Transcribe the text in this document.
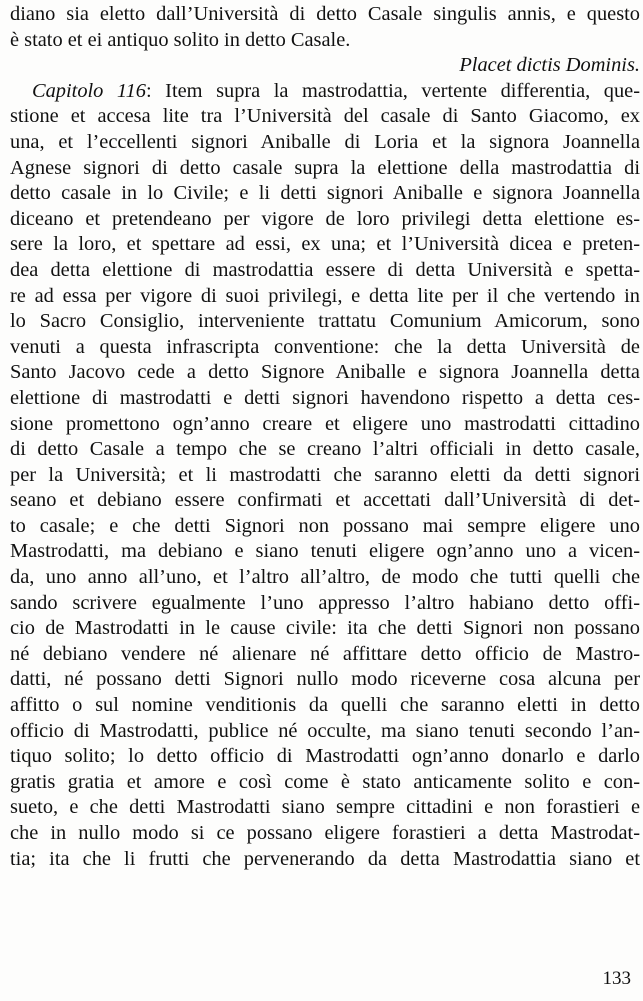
diano sia eletto dall’Università di detto Casale singulis annis, e questo
è stato et ei antiquo solito in detto Casale.
Placet dictis Dominis.
Capitolo 116: Item supra la mastrodattia, vertente differentia, que-
stione et accesa lite tra l’Università del casale di Santo Giacomo, ex
una, et l’eccellenti signori Aniballe di Loria et la signora Joannella
Agnese signori di detto casale supra la elettione della mastrodattia di
detto casale in lo Civile; e li detti signori Aniballe e signora Joannella
diceano et pretendeano per vigore de loro privilegi detta elettione es-
sere la loro, et spettare ad essi, ex una; et l’Università dicea e preten-
dea detta elettione di mastrodattia essere di detta Università e spetta-
re ad essa per vigore di suoi privilegi, e detta lite per il che vertendo in
lo Sacro Consiglio, interveniente trattatu Comunium Amicorum, sono
venuti a questa infrascripta conventione: che la detta Università de
Santo Jacovo cede a detto Signore Aniballe e signora Joannella detta
elettione di mastrodatti e detti signori havendono rispetto a detta ces-
sione promettono ogn’anno creare et eligere uno mastrodatti cittadino
di detto Casale a tempo che se creano l’altri officiali in detto casale,
per la Università; et li mastrodatti che saranno eletti da detti signori
seano et debiano essere confirmati et accettati dall’Università di det-
to casale; e che detti Signori non possano mai sempre eligere uno
Mastrodatti, ma debiano e siano tenuti eligere ogn’anno uno a vicen-
da, uno anno all’uno, et l’altro all’altro, de modo che tutti quelli che
sando scrivere egualmente l’uno appresso l’altro habiano detto offi-
cio de Mastrodatti in le cause civile: ita che detti Signori non possano
né debiano vendere né alienare né affittare detto officio de Mastro-
datti, né possano detti Signori nullo modo riceverne cosa alcuna per
affitto o sul nomine venditionis da quelli che saranno eletti in detto
officio di Mastrodatti, publice né occulte, ma siano tenuti secondo l’an-
tiquo solito; lo detto officio di Mastrodatti ogn’anno donarlo e darlo
gratis gratia et amore e così come è stato anticamente solito e con-
sueto, e che detti Mastrodatti siano sempre cittadini e non forastieri e
che in nullo modo si ce possano eligere forastieri a detta Mastrodat-
tia; ita che li frutti che pervenerando da detta Mastrodattia siano et
133
